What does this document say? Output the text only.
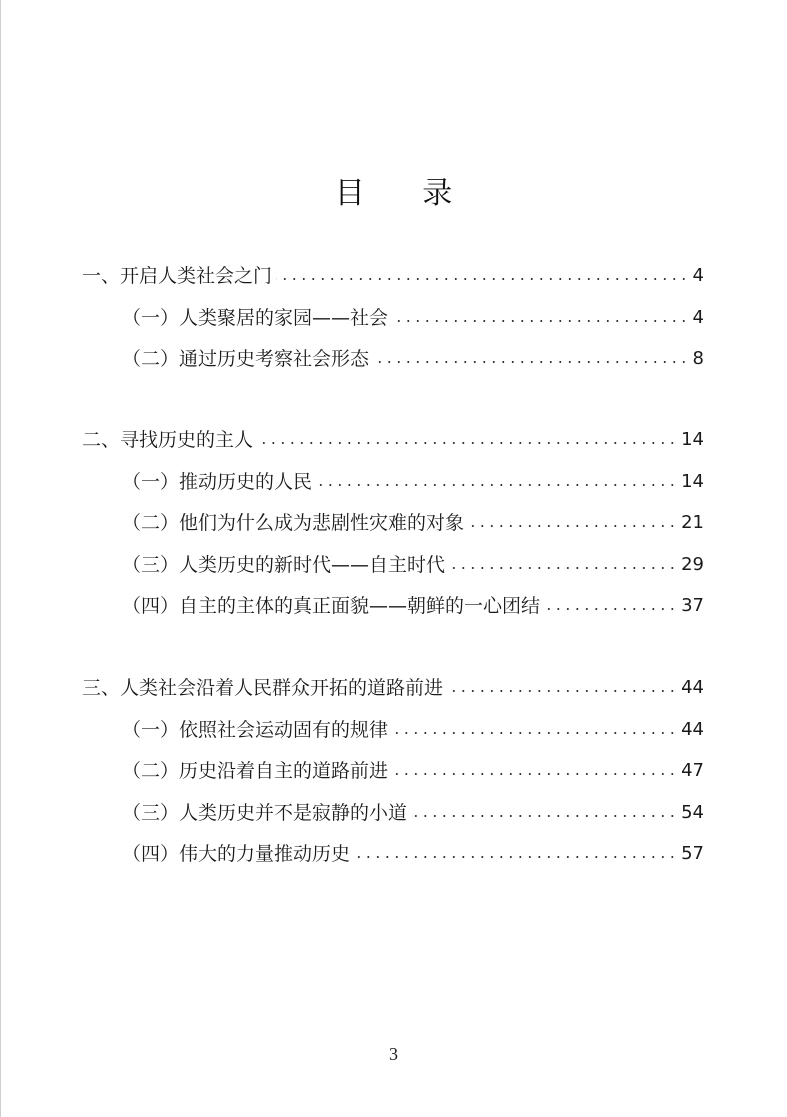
目 录
一、开启人类社会之门	4
（一）人类聚居的家园——社会	4
（二）通过历史考察社会形态	8
二、寻找历史的主人	14
（一）推动历史的人民	14
（二）他们为什么成为悲剧性灾难的对象	21
（三）人类历史的新时代——自主时代	29
（四）自主的主体的真正面貌——朝鲜的一心团结	37
三、人类社会沿着人民群众开拓的道路前进	44
（一）依照社会运动固有的规律	44
（二）历史沿着自主的道路前进	47
（三）人类历史并不是寂静的小道	54
（四）伟大的力量推动历史	57
3
